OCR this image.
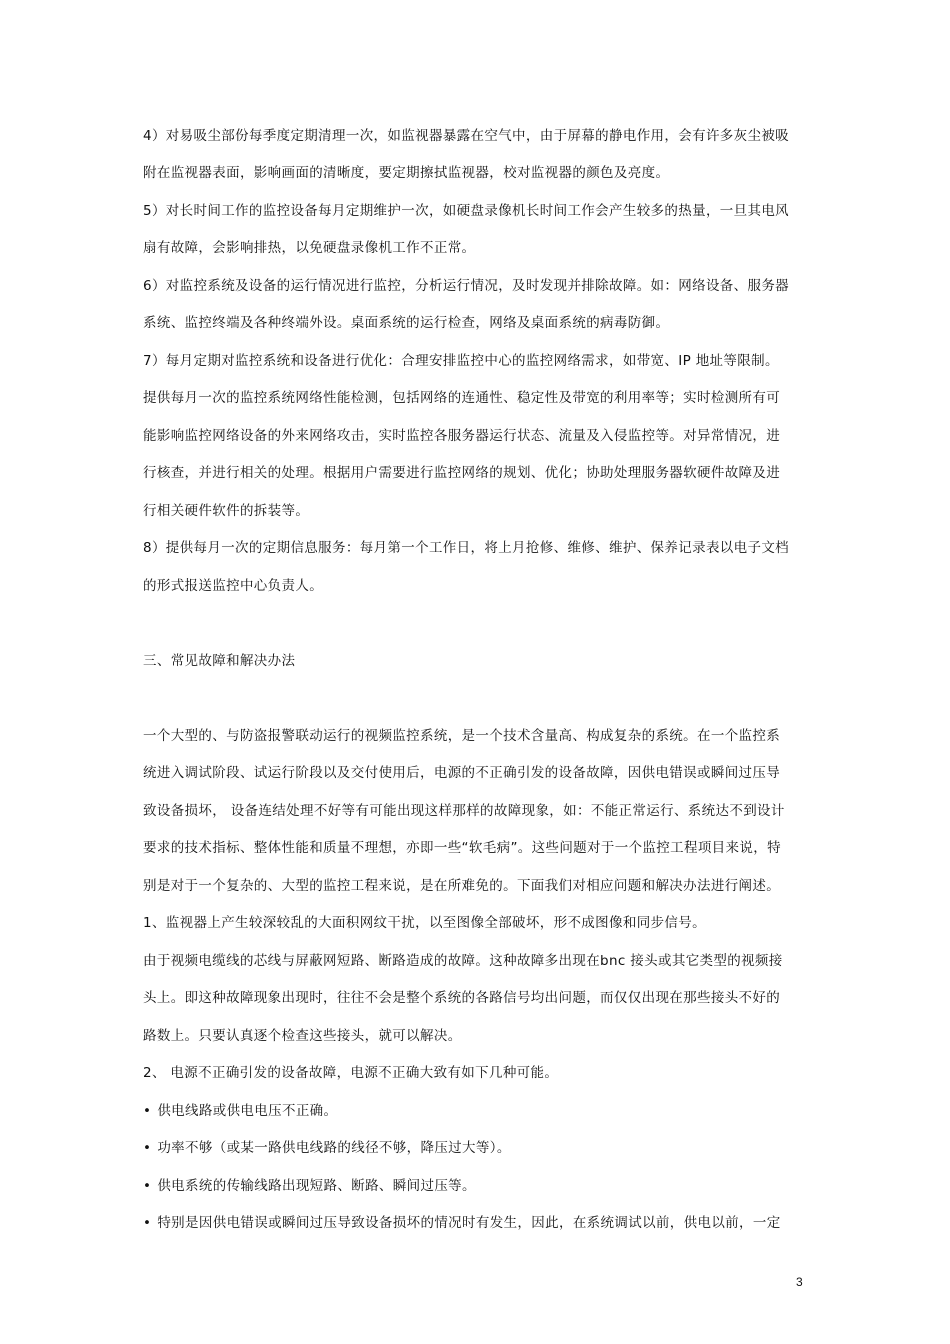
4）对易吸尘部份每季度定期清理一次，如监视器暴露在空气中，由于屏幕的静电作用，会有许多灰尘被吸
附在监视器表面，影响画面的清晰度，要定期擦拭监视器，校对监视器的颜色及亮度。
5）对长时间工作的监控设备每月定期维护一次，如硬盘录像机长时间工作会产生较多的热量，一旦其电风
扇有故障，会影响排热，以免硬盘录像机工作不正常。
6）对监控系统及设备的运行情况进行监控，分析运行情况，及时发现并排除故障。如：网络设备、服务器
系统、监控终端及各种终端外设。桌面系统的运行检查，网络及桌面系统的病毒防御。
7）每月定期对监控系统和设备进行优化：合理安排监控中心的监控网络需求，如带宽、IP 地址等限制。
提供每月一次的监控系统网络性能检测，包括网络的连通性、稳定性及带宽的利用率等；实时检测所有可
能影响监控网络设备的外来网络攻击，实时监控各服务器运行状态、流量及入侵监控等。对异常情况，进
行核查，并进行相关的处理。根据用户需要进行监控网络的规划、优化；协助处理服务器软硬件故障及进
行相关硬件软件的拆装等。
8）提供每月一次的定期信息服务：每月第一个工作日，将上月抢修、维修、维护、保养记录表以电子文档
的形式报送监控中心负责人。
三、常见故障和解决办法
一个大型的、与防盗报警联动运行的视频监控系统，是一个技术含量高、构成复杂的系统。在一个监控系
统进入调试阶段、试运行阶段以及交付使用后，电源的不正确引发的设备故障，因供电错误或瞬间过压导
致设备损坏， 设备连结处理不好等有可能出现这样那样的故障现象，如：不能正常运行、系统达不到设计
要求的技术指标、整体性能和质量不理想，亦即一些“软毛病”。这些问题对于一个监控工程项目来说，特
别是对于一个复杂的、大型的监控工程来说，是在所难免的。下面我们对相应问题和解决办法进行阐述。
1、监视器上产生较深较乱的大面积网纹干扰，以至图像全部破坏，形不成图像和同步信号。
由于视频电缆线的芯线与屏蔽网短路、断路造成的故障。这种故障多出现在bnc 接头或其它类型的视频接
头上。即这种故障现象出现时，往往不会是整个系统的各路信号均出问题，而仅仅出现在那些接头不好的
路数上。只要认真逐个检查这些接头，就可以解决。
2、 电源不正确引发的设备故障，电源不正确大致有如下几种可能。
• 供电线路或供电电压不正确。
• 功率不够（或某一路供电线路的线径不够，降压过大等）。
• 供电系统的传输线路出现短路、断路、瞬间过压等。
• 特别是因供电错误或瞬间过压导致设备损坏的情况时有发生，因此，在系统调试以前，供电以前，一定
3
